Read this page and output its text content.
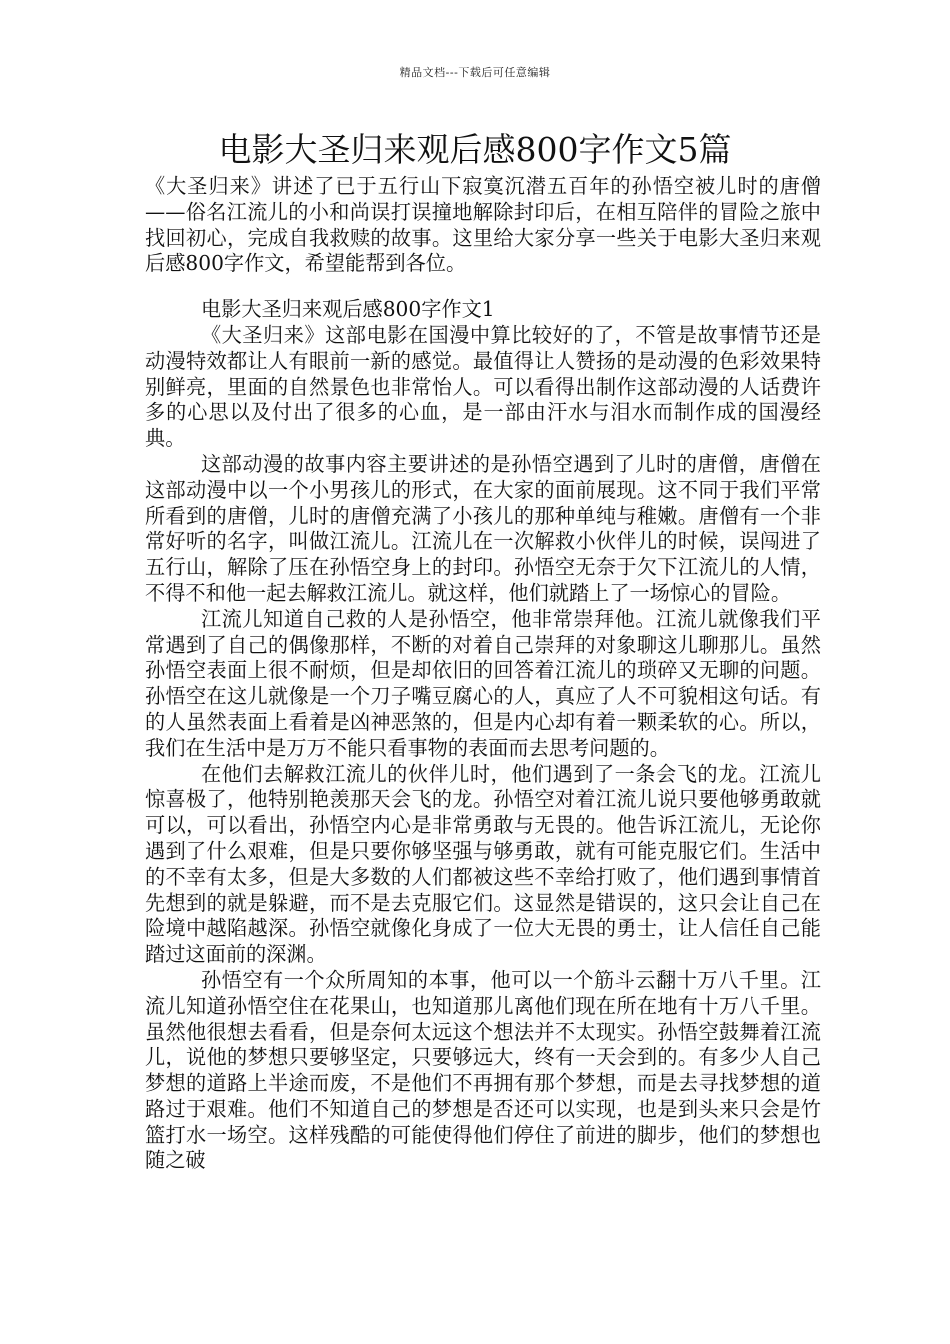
精品文档---下载后可任意编辑
电影大圣归来观后感800字作文5篇

《大圣归来》讲述了已于五行山下寂寞沉潜五百年的孙悟空被儿时的唐僧——俗名江流儿的小和尚误打误撞地解除封印后，在相互陪伴的冒险之旅中找回初心，完成自我救赎的故事。这里给大家分享一些关于电影大圣归来观后感800字作文，希望能帮到各位。

电影大圣归来观后感800字作文1

《大圣归来》这部电影在国漫中算比较好的了，不管是故事情节还是动漫特效都让人有眼前一新的感觉。最值得让人赞扬的是动漫的色彩效果特别鲜亮，里面的自然景色也非常怡人。可以看得出制作这部动漫的人话费许多的心思以及付出了很多的心血，是一部由汗水与泪水而制作成的国漫经典。

这部动漫的故事内容主要讲述的是孙悟空遇到了儿时的唐僧，唐僧在这部动漫中以一个小男孩儿的形式，在大家的面前展现。这不同于我们平常所看到的唐僧，儿时的唐僧充满了小孩儿的那种单纯与稚嫩。唐僧有一个非常好听的名字，叫做江流儿。江流儿在一次解救小伙伴儿的时候，误闯进了五行山，解除了压在孙悟空身上的封印。孙悟空无奈于欠下江流儿的人情，不得不和他一起去解救江流儿。就这样，他们就踏上了一场惊心的冒险。

江流儿知道自己救的人是孙悟空，他非常崇拜他。江流儿就像我们平常遇到了自己的偶像那样，不断的对着自己崇拜的对象聊这儿聊那儿。虽然孙悟空表面上很不耐烦，但是却依旧的回答着江流儿的琐碎又无聊的问题。孙悟空在这儿就像是一个刀子嘴豆腐心的人，真应了人不可貌相这句话。有的人虽然表面上看着是凶神恶煞的，但是内心却有着一颗柔软的心。所以，我们在生活中是万万不能只看事物的表面而去思考问题的。

在他们去解救江流儿的伙伴儿时，他们遇到了一条会飞的龙。江流儿惊喜极了，他特别艳羡那天会飞的龙。孙悟空对着江流儿说只要他够勇敢就可以，可以看出，孙悟空内心是非常勇敢与无畏的。他告诉江流儿，无论你遇到了什么艰难，但是只要你够坚强与够勇敢，就有可能克服它们。生活中的不幸有太多，但是大多数的人们都被这些不幸给打败了，他们遇到事情首先想到的就是躲避，而不是去克服它们。这显然是错误的，这只会让自己在险境中越陷越深。孙悟空就像化身成了一位大无畏的勇士，让人信任自己能踏过这面前的深渊。

孙悟空有一个众所周知的本事，他可以一个筋斗云翻十万八千里。江流儿知道孙悟空住在花果山，也知道那儿离他们现在所在地有十万八千里。虽然他很想去看看，但是奈何太远这个想法并不太现实。孙悟空鼓舞着江流儿，说他的梦想只要够坚定，只要够远大，终有一天会到的。有多少人自己梦想的道路上半途而废，不是他们不再拥有那个梦想，而是去寻找梦想的道路过于艰难。他们不知道自己的梦想是否还可以实现，也是到头来只会是竹篮打水一场空。这样残酷的可能使得他们停住了前进的脚步，他们的梦想也随之破
